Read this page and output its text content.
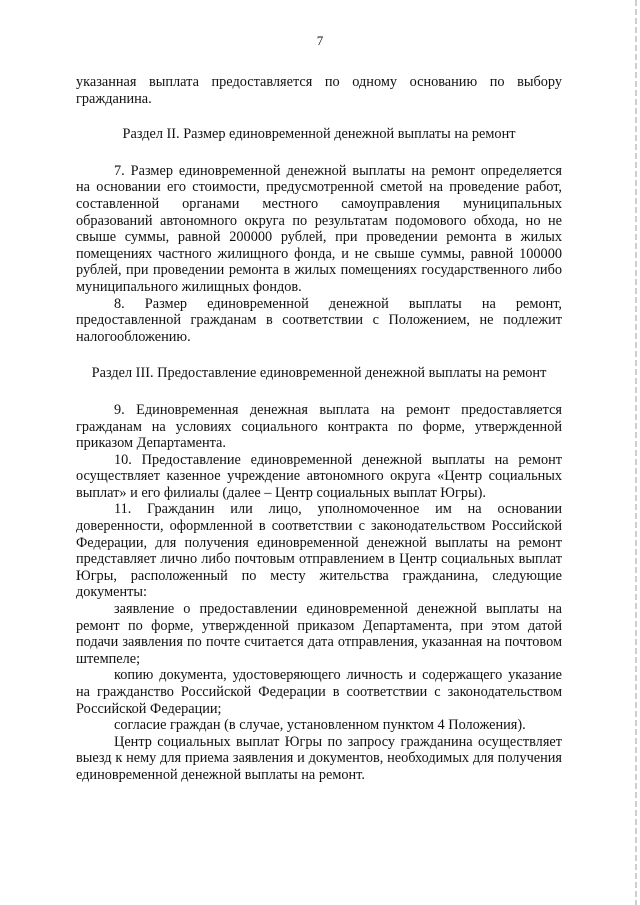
7

указанная выплата предоставляется по одному основанию по выбору гражданина.

Раздел II. Размер единовременной денежной выплаты на ремонт

7. Размер единовременной денежной выплаты на ремонт определяется на основании его стоимости, предусмотренной сметой на проведение работ, составленной органами местного самоуправления муниципальных образований автономного округа по результатам подомового обхода, но не свыше суммы, равной 200000 рублей, при проведении ремонта в жилых помещениях частного жилищного фонда, и не свыше суммы, равной 100000 рублей, при проведении ремонта в жилых помещениях государственного либо муниципального жилищных фондов.

8. Размер единовременной денежной выплаты на ремонт, предоставленной гражданам в соответствии с Положением, не подлежит налогообложению.

Раздел III. Предоставление единовременной денежной выплаты на ремонт

9. Единовременная денежная выплата на ремонт предоставляется гражданам на условиях социального контракта по форме, утвержденной приказом Департамента.

10. Предоставление единовременной денежной выплаты на ремонт осуществляет казенное учреждение автономного округа «Центр социальных выплат» и его филиалы (далее – Центр социальных выплат Югры).

11. Гражданин или лицо, уполномоченное им на основании доверенности, оформленной в соответствии с законодательством Российской Федерации, для получения единовременной денежной выплаты на ремонт представляет лично либо почтовым отправлением в Центр социальных выплат Югры, расположенный по месту жительства гражданина, следующие документы:

заявление о предоставлении единовременной денежной выплаты на ремонт по форме, утвержденной приказом Департамента, при этом датой подачи заявления по почте считается дата отправления, указанная на почтовом штемпеле;

копию документа, удостоверяющего личность и содержащего указание на гражданство Российской Федерации в соответствии с законодательством Российской Федерации;

согласие граждан (в случае, установленном пунктом 4 Положения).

Центр социальных выплат Югры по запросу гражданина осуществляет выезд к нему для приема заявления и документов, необходимых для получения единовременной денежной выплаты на ремонт.
